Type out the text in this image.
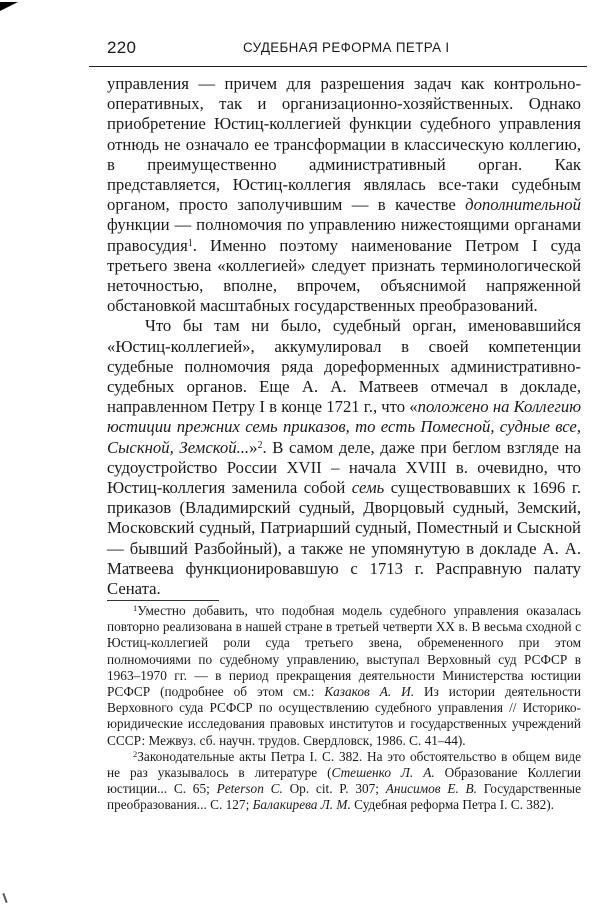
220	СУДЕБНАЯ РЕФОРМА ПЕТРА I

управления — причем для разрешения задач как контрольно-оперативных, так и организационно-хозяйственных. Однако приобретение Юстиц-коллегией функции судебного управления отнюдь не означало ее трансформации в классическую коллегию, в преимущественно административный орган. Как представляется, Юстиц-коллегия являлась все-таки судебным органом, просто заполучившим — в качестве дополнительной функции — полномочия по управлению нижестоящими органами правосудия$^1$. Именно поэтому наименование Петром I суда третьего звена «коллегией» следует признать терминологической неточностью, вполне, впрочем, объяснимой напряженной обстановкой масштабных государственных преобразований.

Что бы там ни было, судебный орган, именовавшийся «Юстиц-коллегией», аккумулировал в своей компетенции судебные полномочия ряда дореформенных административно-судебных органов. Еще А. А. Матвеев отмечал в докладе, направленном Петру I в конце 1721 г., что «положено на Коллегию юстиции прежних семь приказов, то есть Помесной, судные все, Сыскной, Земской...»$^2$. В самом деле, даже при беглом взгляде на судоустройство России XVII – начала XVIII в. очевидно, что Юстиц-коллегия заменила собой семь существовавших к 1696 г. приказов (Владимирский судный, Дворцовый судный, Земский, Московский судный, Патриарший судный, Поместный и Сыскной — бывший Разбойный), а также не упомянутую в докладе А. А. Матвеева функционировавшую с 1713 г. Расправную палату Сената.

$^1$Уместно добавить, что подобная модель судебного управления оказалась повторно реализована в нашей стране в третьей четверти XX в. В весьма сходной с Юстиц-коллегией роли суда третьего звена, обремененного при этом полномочиями по судебному управлению, выступал Верховный суд РСФСР в 1963–1970 гг. — в период прекращения деятельности Министерства юстиции РСФСР (подробнее об этом см.: Казаков А. И. Из истории деятельности Верховного суда РСФСР по осуществлению судебного управления // Историко-юридические исследования правовых институтов и государственных учреждений СССР: Межвуз. сб. научн. трудов. Свердловск, 1986. С. 41–44).

$^2$Законодательные акты Петра I. С. 382. На это обстоятельство в общем виде не раз указывалось в литературе (Стешенко Л. А. Образование Коллегии юстиции... С. 65; Peterson C. Op. cit. P. 307; Анисимов Е. В. Государственные преобразования... С. 127; Балакирева Л. М. Судебная реформа Петра I. С. 382).
